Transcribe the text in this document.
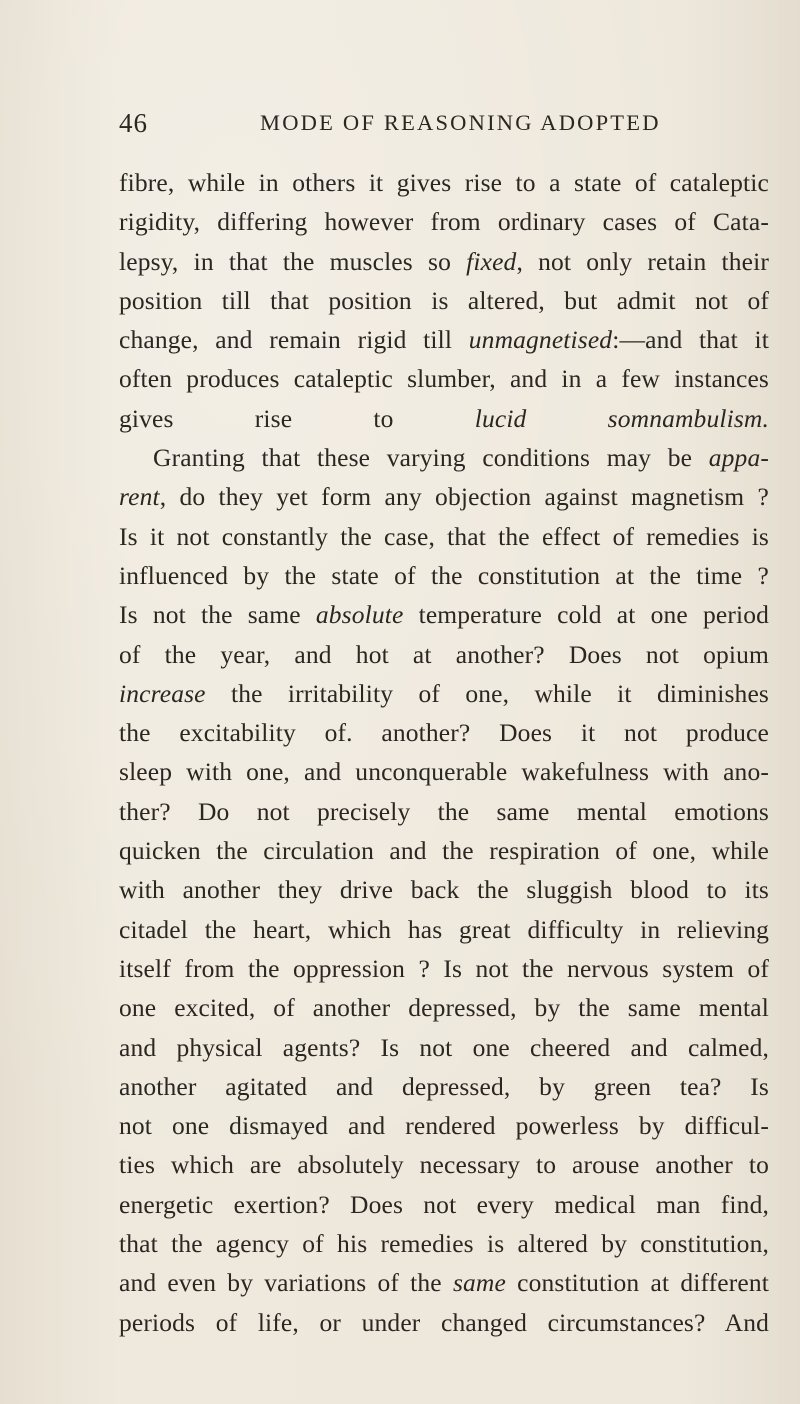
46	MODE OF REASONING ADOPTED
fibre, while in others it gives rise to a state of cataleptic
rigidity, differing however from ordinary cases of Cata-
lepsy, in that the muscles so fixed, not only retain their
position till that position is altered, but admit not of
change, and remain rigid till unmagnetised:—and that it
often produces cataleptic slumber, and in a few instances
gives rise to lucid somnambulism.
Granting that these varying conditions may be appa-
rent, do they yet form any objection against magnetism ?
Is it not constantly the case, that the effect of remedies is
influenced by the state of the constitution at the time ?
Is not the same absolute temperature cold at one period
of the year, and hot at another? Does not opium
increase the irritability of one, while it diminishes
the excitability of. another? Does it not produce
sleep with one, and unconquerable wakefulness with ano-
ther? Do not precisely the same mental emotions
quicken the circulation and the respiration of one, while
with another they drive back the sluggish blood to its
citadel the heart, which has great difficulty in relieving
itself from the oppression ? Is not the nervous system of
one excited, of another depressed, by the same mental
and physical agents? Is not one cheered and calmed,
another agitated and depressed, by green tea? Is
not one dismayed and rendered powerless by difficul-
ties which are absolutely necessary to arouse another to
energetic exertion? Does not every medical man find,
that the agency of his remedies is altered by constitution,
and even by variations of the same constitution at different
periods of life, or under changed circumstances? And
